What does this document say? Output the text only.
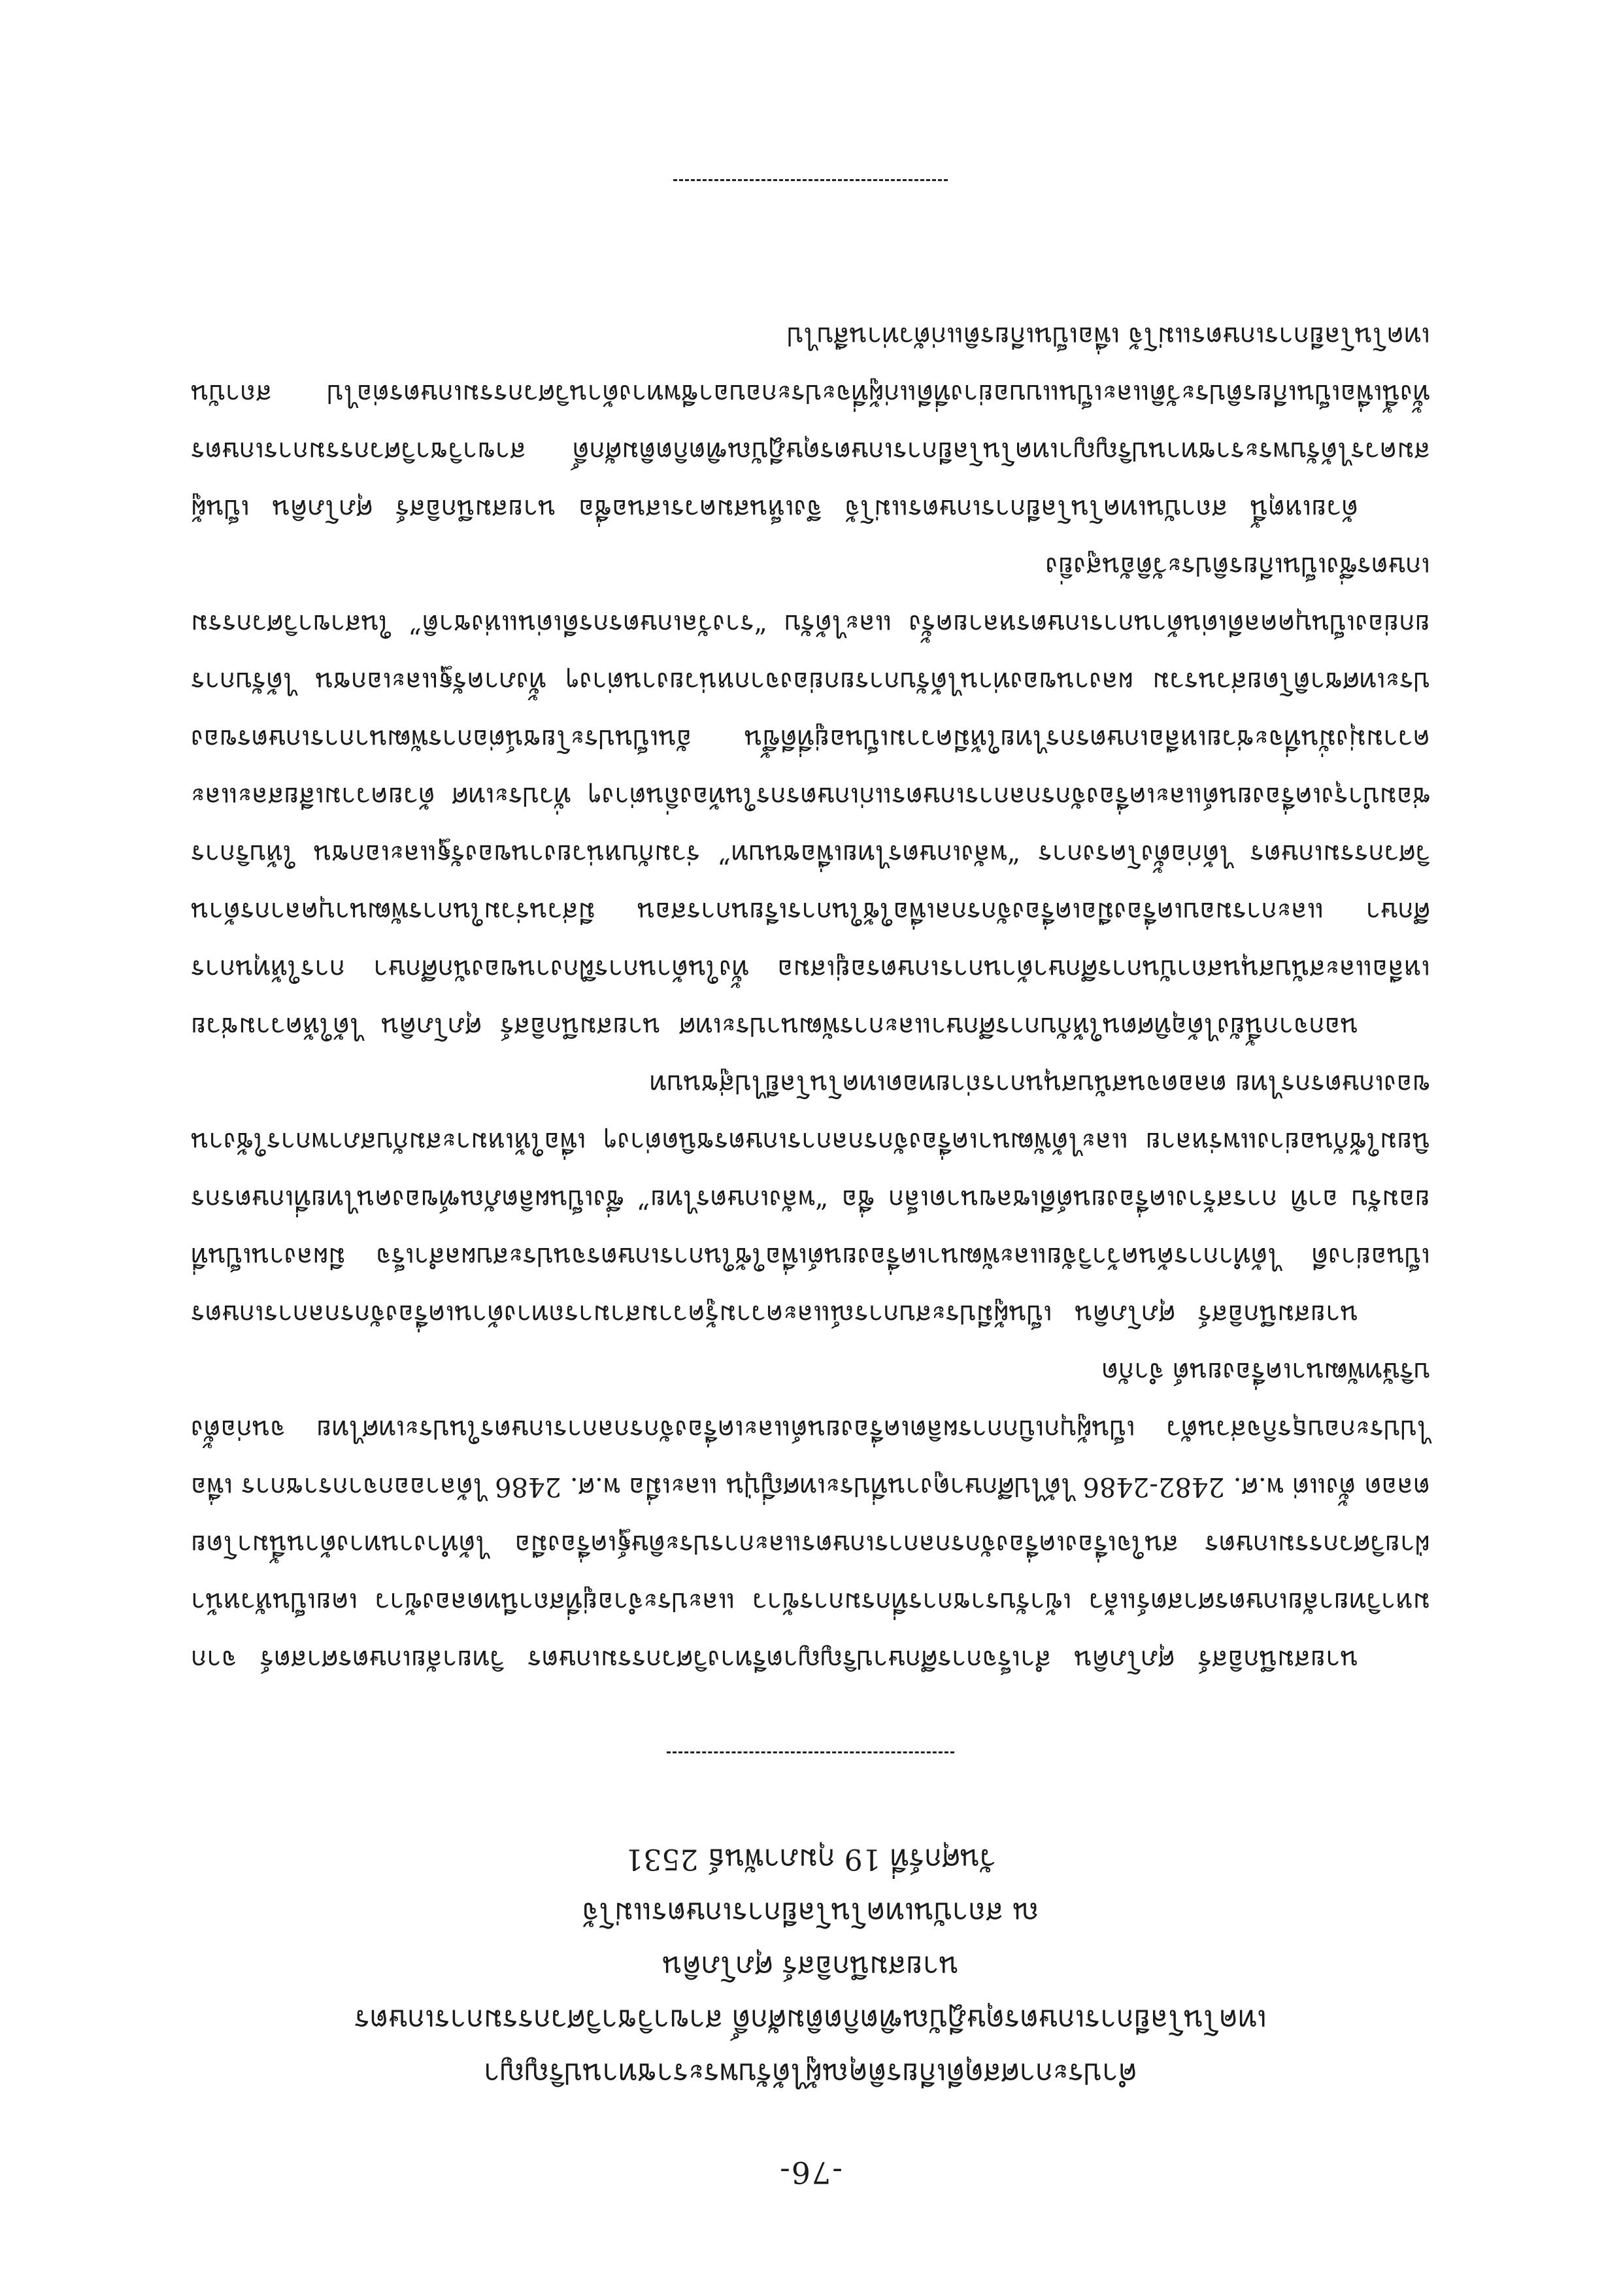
-76-
คำประกาศสดุดีเกียรติคุณผู้ได้รับพระราชทานปริญญา
เทคโนโลยีการเกษตรดุษฎีบัณฑิตกิตติมศักดิ์ สาขาวิชาวิศวกรรมการเกษตร
นายสมนึกอิสร์ ศุภโภคิน
ณ สถาบันเทคโนโลยีการเกษตรแม่โจ้
วันศุกร์ที่ 19 กุมภาพันธ์ 2531

นายสมนึกอิสร์ ศุภโภคิน สำเร็จการศึกษาปริญญาตรีทางวิศวกรรมเกษตร วิทยาลัยเกษตรศาสตร์ จากมหาวิทยาลัยเกษตรศาสตร์แล้ว เข้ารับราชการที่กรมการข้าว และประจำอยู่ที่สถานีทดลองข้าว เคยเป็นหัวหน้าฝ่ายวิศวกรรมเกษตร สนใจเรื่องเครื่องจักรกลการเกษตรและการประดิษฐ์เครื่องมือ ได้ทำงานทางด้านนี้มาโดยตลอด ตั้งแต่ พ.ศ. 2482-2486 ได้ไปศึกษาดูงานที่ประเทศญี่ปุ่น และเมื่อ พ.ศ. 2486 ได้ลาออกจากราชการ เพื่อไปประกอบธุรกิจส่วนตัว เป็นผู้บุกเบิกการผลิตเครื่องยนต์และเครื่องจักรกลการเกษตรในประเทศไทย จนก่อตั้งบริษัทพัฒนาเครื่องยนต์ จำกัด

นายสมนึกอิสร์ ศุภโภคิน เป็นผู้มีประสบการณ์และความรู้ความสามารถทางด้านเครื่องจักรกลการเกษตรเป็นอย่างดี ได้ทำการค้นคว้าวิจัยและพัฒนาเครื่องยนต์เพื่อใช้ในการเกษตรจนประสบผลสำเร็จ มีผลงานเป็นที่ยอมรับ อาทิ การสร้างเครื่องยนต์ดีเซลขนาดเล็ก ชื่อ “พลังเกษตรไทย” ซึ่งเป็นผลิตภัณฑ์ของคนไทยที่เกษตรกรนิยมใช้กันอย่างแพร่หลาย และได้พัฒนาเครื่องจักรกลการเกษตรชนิดต่างๆ เพื่อให้เหมาะสมกับสภาพการใช้งานของเกษตรกรไทย ตลอดจนสนับสนุนการถ่ายทอดเทคโนโลยีไปสู่ชนบท

นอกจากนี้ยังได้อุทิศตนให้กับการศึกษาและการพัฒนาประเทศ นายสมนึกอิสร์ ศุภโภคิน ได้ให้ความช่วยเหลือและสนับสนุนสถาบันการศึกษาด้านการเกษตรอยู่เสมอ ทั้งในด้านการฝึกงานของนักศึกษา การให้ทุนการศึกษา และการมอบเครื่องมือเครื่องจักรกลเพื่อใช้ในการเรียนการสอน มีส่วนร่วมในการพัฒนาบุคลากรด้านวิศวกรรมเกษตร ได้ก่อตั้งโครงการ “พลังเกษตรไทยเพื่อชนบท” ร่วมกับหน่วยงานของรัฐและเอกชน ให้บริการซ่อมบำรุงเครื่องยนต์และเครื่องจักรกลการเกษตรแก่เกษตรกรในท้องถิ่นต่างๆ ทั่วประเทศ ด้วยความเสียสละและความมุ่งมั่นที่จะช่วยเหลือเกษตรกรไทยให้มีความเป็นอยู่ที่ดีขึ้น อันเป็นประโยชน์ต่อการพัฒนาการเกษตรของประเทศชาติโดยส่วนรวม ผลงานของท่านได้รับการยกย่องจากหน่วยงานต่างๆ ทั้งภาครัฐและเอกชน ได้รับการยกย่องเป็นบุคคลดีเด่นด้านการเกษตรหลายครั้ง และได้รับ “รางวัลเกษตรกรดีเด่นแห่งชาติ” ในสาขาวิศวกรรมเกษตรซึ่งเป็นเกียรติประวัติอันสูงยิ่ง

ด้วยเหตุนี้ สถาบันเทคโนโลยีการเกษตรแม่โจ้ จึงเห็นสมควรเสนอชื่อ นายสมนึกอิสร์ ศุภโภคิน เป็นผู้สมควรได้รับพระราชทานปริญญาเทคโนโลยีการเกษตรดุษฎีบัณฑิตกิตติมศักดิ์ สาขาวิชาวิศวกรรมการเกษตร ทั้งนี้เพื่อเป็นเกียรติประวัติและเป็นแบบอย่างที่ดีแก่ผู้ที่จะประกอบอาชีพทางด้านวิศวกรรมเกษตรต่อไป สถาบันเทคโนโลยีการเกษตรแม่โจ้ เพื่อเป็นเกียรติแก่ตัวท่านสืบไป
